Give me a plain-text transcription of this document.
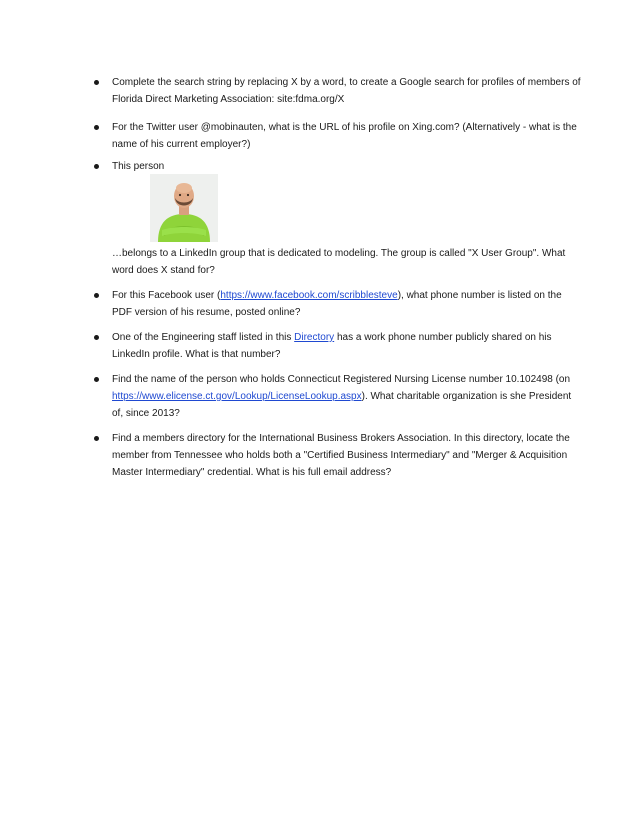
Complete the search string by replacing X by a word, to create a Google search for profiles of members of
Florida Direct Marketing Association: site:fdma.org/X
For the Twitter user @mobinauten, what is the URL of his profile on Xing.com? (Alternatively - what is the
name of his current employer?)
This person
…belongs to a LinkedIn group that is dedicated to modeling. The group is called "X User Group". What
word does X stand for?
For this Facebook user (https://www.facebook.com/scribblesteve), what phone number is listed on the
PDF version of his resume, posted online?
One of the Engineering staff listed in this Directory has a work phone number publicly shared on his
LinkedIn profile. What is that number?
Find the name of the person who holds Connecticut Registered Nursing License number 10.102498 (on
https://www.elicense.ct.gov/Lookup/LicenseLookup.aspx). What charitable organization is she President
of, since 2013?
Find a members directory for the International Business Brokers Association. In this directory, locate the
member from Tennessee who holds both a "Certified Business Intermediary" and "Merger & Acquisition
Master Intermediary" credential. What is his full email address?
